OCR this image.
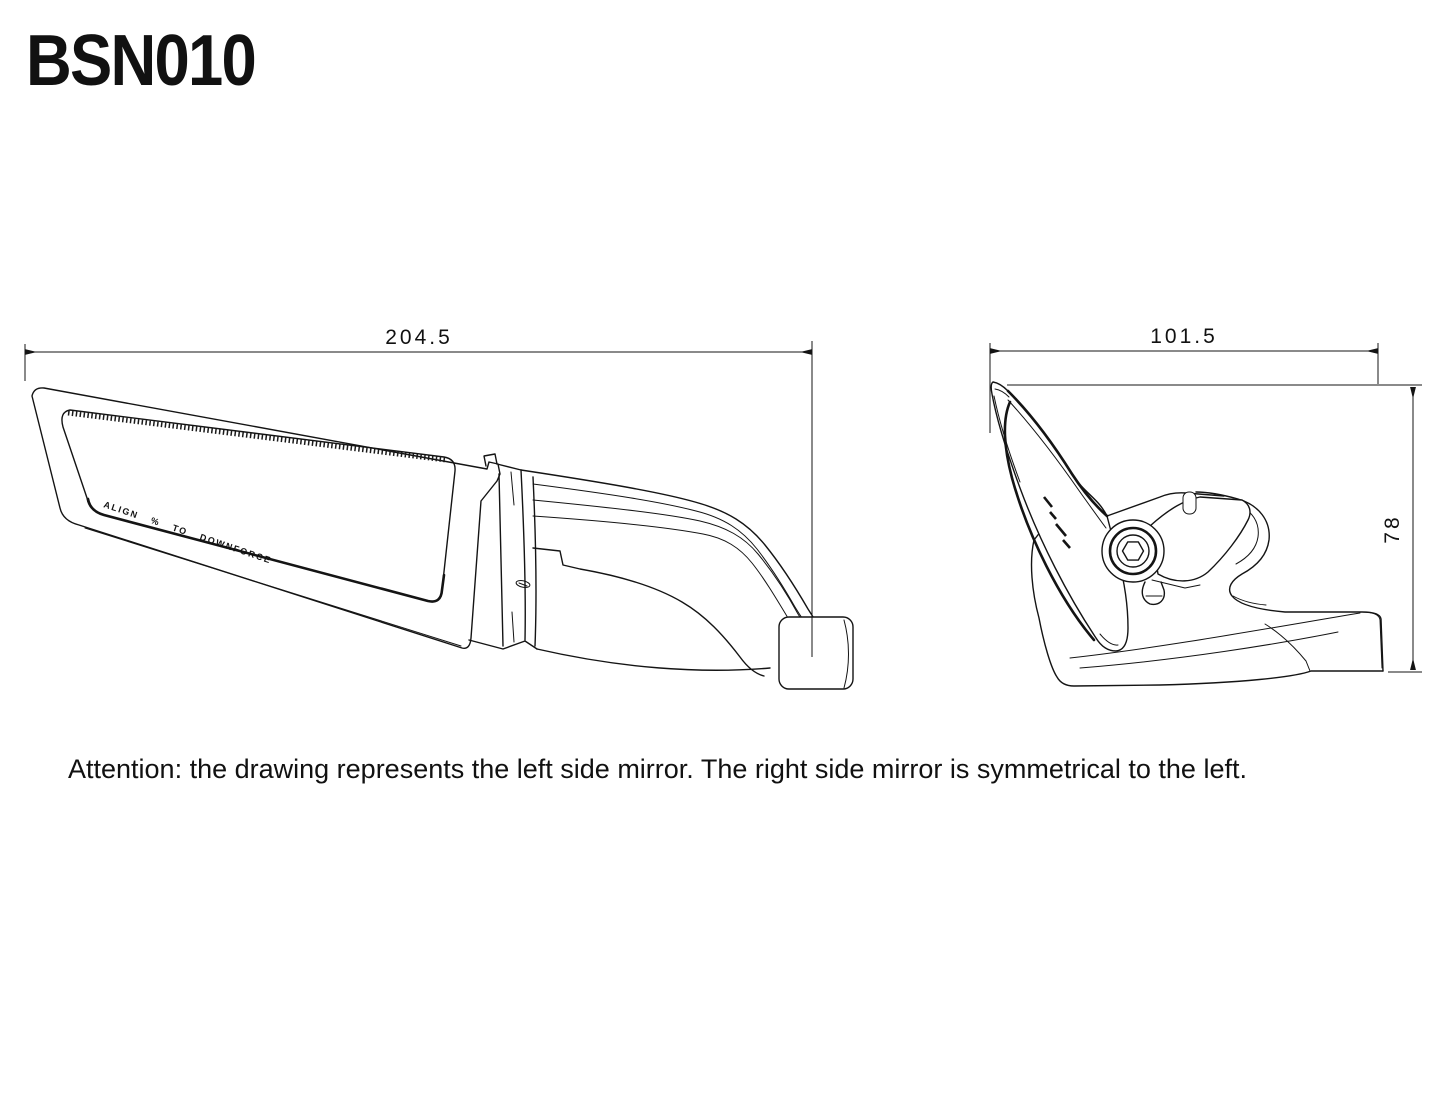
BSN010
ALIGN % TO DOWNFORCE
204.5	101.5
78

Attention: the drawing represents the left side mirror. The right side mirror is symmetrical to the left.
